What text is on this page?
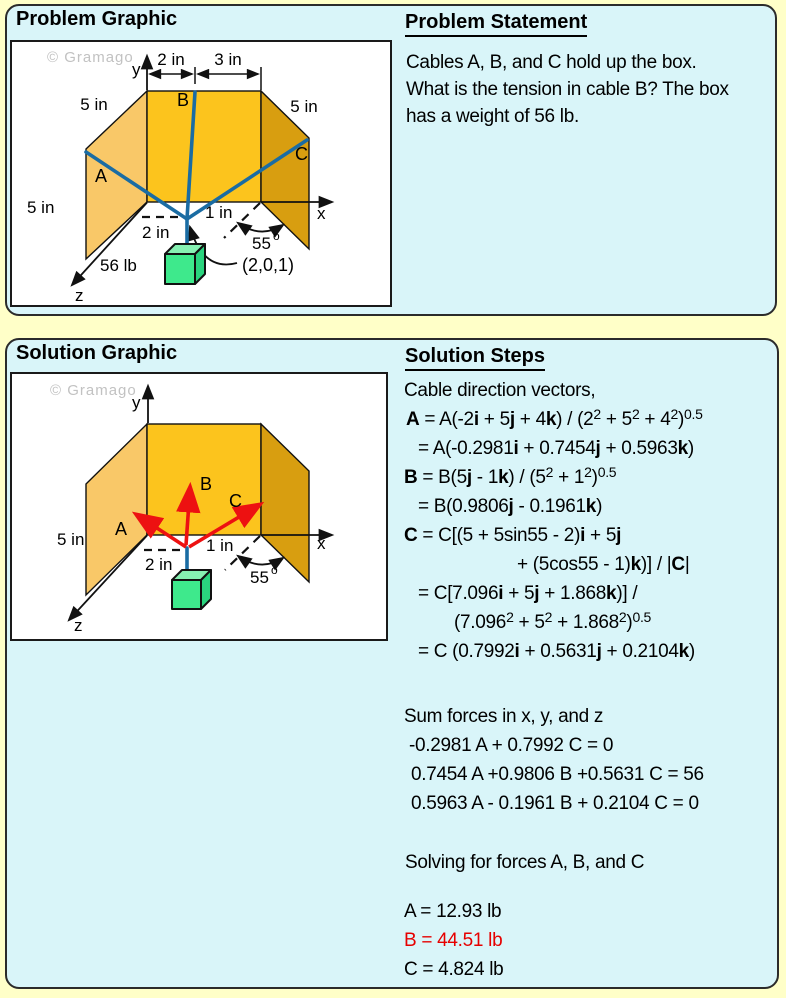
Problem Graphic
© Gramago
y
x
z
2 in 3 in
5 in
5 in
5 in
A
B
C
1 in
2 in
55 o
(2,0,1)
56 lb
Problem Statement
Cables A, B, and C hold up the box.
What is the tension in cable B? The box
has a weight of 56 lb.
Solution Graphic
© Gramago
y
x
z
A
B
C
1 in
2 in
5 in
55 o
Solution Steps
Cable direction vectors,
$A = A(-2i + 5j + 4k) / (2^2 + 5^2 + 4^2)^{0.5}$
= A(-0.2981i + 0.7454j + 0.5963k)
$B = B(5j - 1k) / (5^2 + 1^2)^{0.5}$
= B(0.9806j - 0.1961k)
C = C[(5 + 5sin55 - 2)i + 5j
+ (5cos55 - 1)k)] / |C|
= C[7.096i + 5j + 1.868k)] /
$(7.096^2 + 5^2 + 1.868^2)^{0.5}$
= C (0.7992i + 0.5631j + 0.2104k)
Sum forces in x, y, and z
-0.2981 A + 0.7992 C = 0
0.7454 A +0.9806 B +0.5631 C = 56
0.5963 A - 0.1961 B + 0.2104 C = 0
Solving for forces A, B, and C
A = 12.93 lb
B = 44.51 lb
C = 4.824 lb
